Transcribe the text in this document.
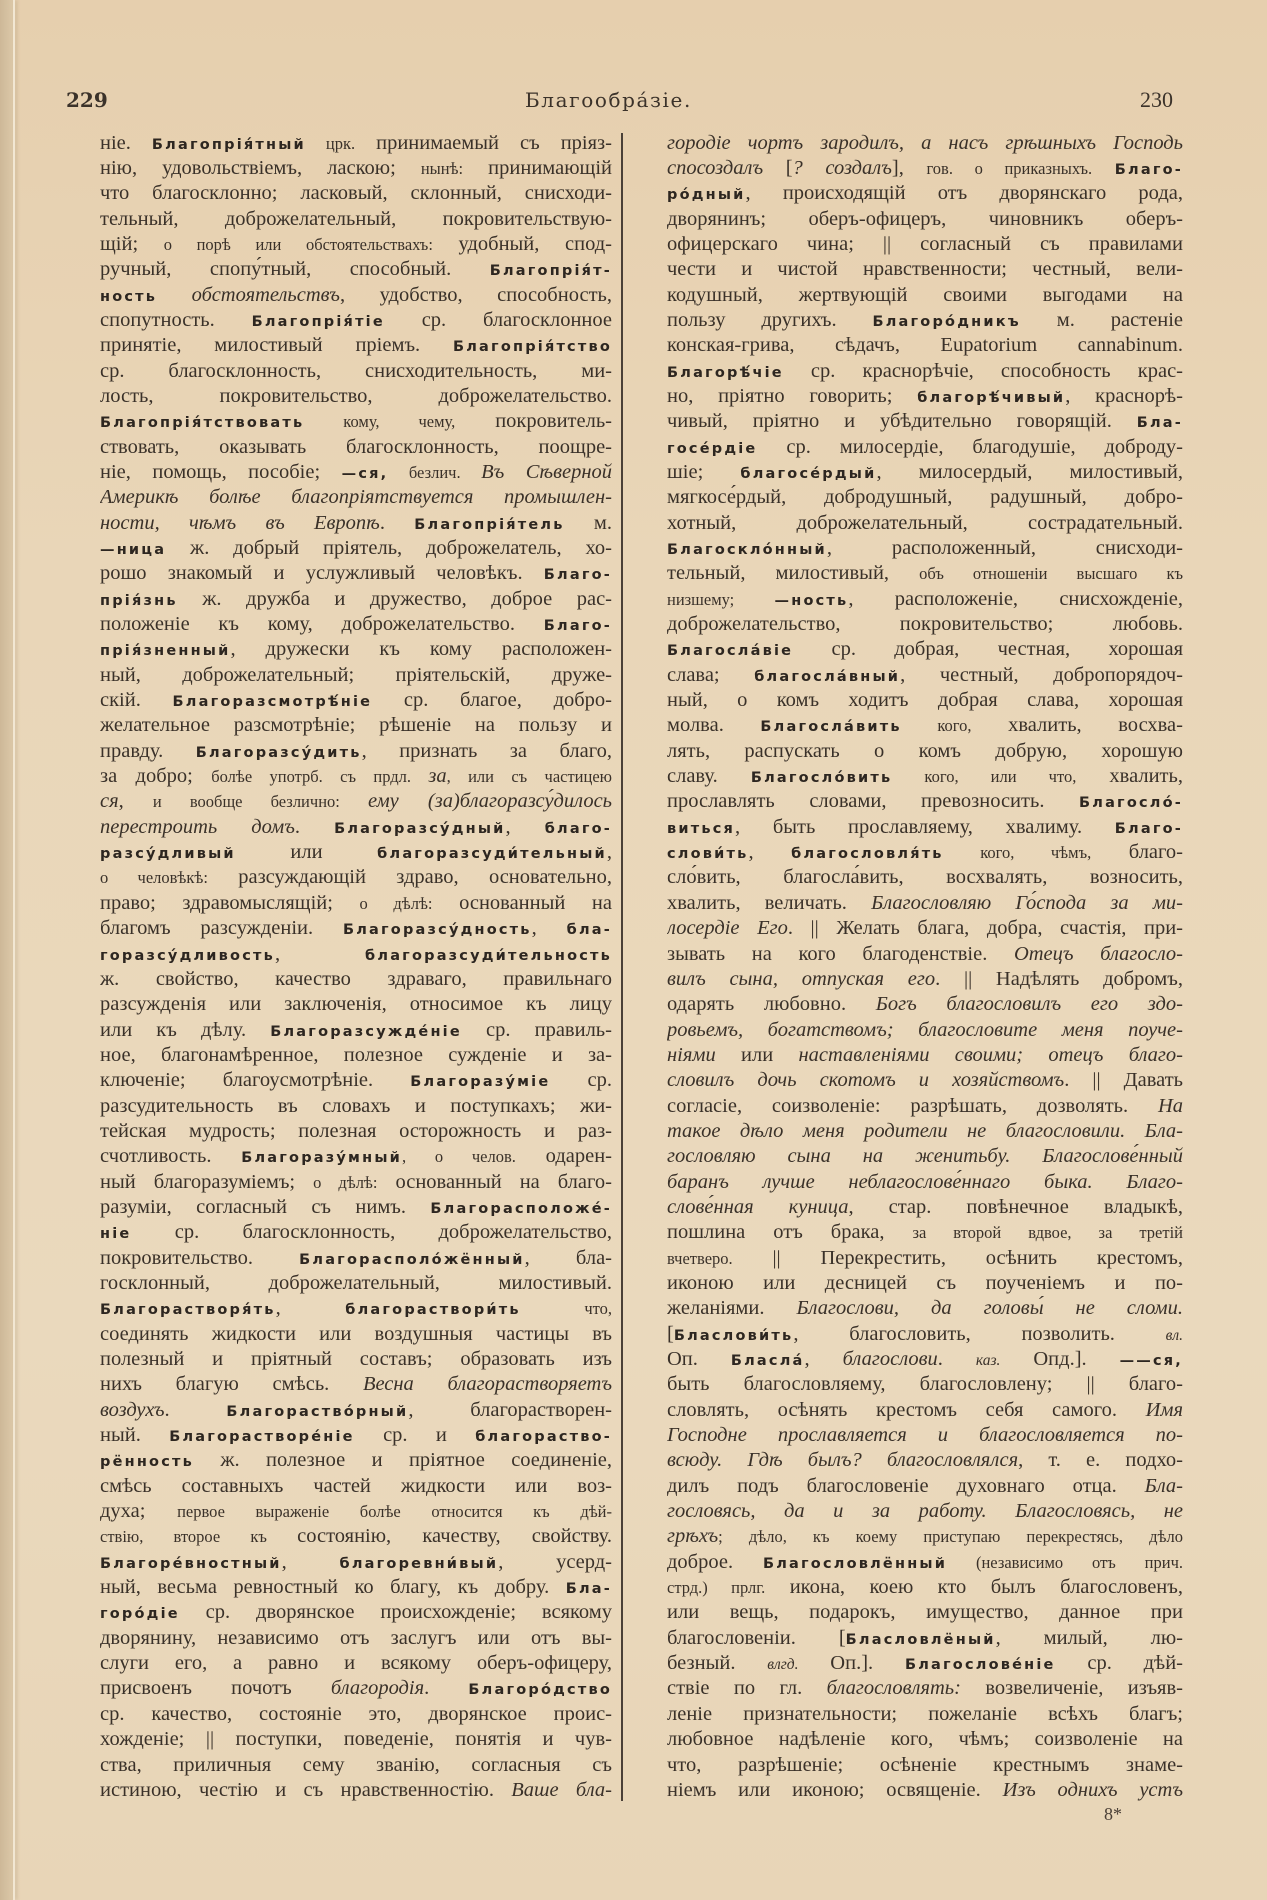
229	Благообра́зіе.	230
ніе. Благопрія́тный црк. принимаемый съ пріяз-
нію, удовольствіемъ, ласкою; нынѣ: принимающій
что благосклонно; ласковый, склонный, снисходи-
тельный, доброжелательный, покровительствую-
щій; о порѣ или обстоятельствахъ: удобный, спод-
ручный, спопу́тный, способный. Благопрія́т-
ность обстоятельствъ, удобство, способность,
спопутность. Благопрія́тіе ср. благосклонное
принятіе, милостивый пріемъ. Благопрія́тство
ср. благосклонность, снисходительность, ми-
лость, покровительство, доброжелательство.
Благопрія́тствовать кому, чему, покровитель-
ствовать, оказывать благосклонность, поощре-
ніе, помощь, пособіе; —ся, безлич. Въ Сѣверной
Америкѣ болѣе благопріятствуется промышлен-
ности, чѣмъ въ Европѣ. Благопрія́тель м.
—ница ж. добрый пріятель, доброжелатель, хо-
рошо знакомый и услужливый человѣкъ. Благо-
прія́знь ж. дружба и дружество, доброе рас-
положеніе къ кому, доброжелательство. Благо-
прія́зненный, дружески къ кому расположен-
ный, доброжелательный; пріятельскій, друже-
скій. Благоразсмотрѣ́ніе ср. благое, добро-
желательное разсмотрѣніе; рѣшеніе на пользу и
правду. Благоразсу́дить, признать за благо,
за добро; болѣе употрб. съ прдл. за, или съ частицею
ся, и вообще безлично: ему (за)благоразсу́дилось
перестроить домъ. Благоразсу́дный, благо-
разсу́дливый или благоразсуди́тельный,
о человѣкѣ: разсуждающій здраво, основательно,
право; здравомыслящій; о дѣлѣ: основанный на
благомъ разсужденіи. Благоразсу́дность, бла-
горазсу́дливость, благоразсуди́тельность
ж. свойство, качество здраваго, правильнаго
разсужденія или заключенія, относимое къ лицу
или къ дѣлу. Благоразсужде́ніе ср. правиль-
ное, благонамѣренное, полезное сужденіе и за-
ключеніе; благоусмотрѣніе. Благоразу́міе ср.
разсудительность въ словахъ и поступкахъ; жи-
тейская мудрость; полезная осторожность и раз-
счотливость. Благоразу́мный, о челов. одарен-
ный благоразуміемъ; о дѣлѣ: основанный на благо-
разуміи, согласный съ нимъ. Благорасположе́-
ніе ср. благосклонность, доброжелательство,
покровительство. Благорасполо́жённый, бла-
госклонный, доброжелательный, милостивый.
Благорастворя́ть, благораствори́ть что,
соединять жидкости или воздушныя частицы въ
полезный и пріятный составъ; образовать изъ
нихъ благую смѣсь. Весна благорастворяетъ
воздухъ. Благораство́рный, благорастворен-
ный. Благорастворе́ніе ср. и благораство-
рённость ж. полезное и пріятное соединеніе,
смѣсь составныхъ частей жидкости или воз-
духа; первое выраженіе болѣе относится къ дѣй-
ствію, второе къ состоянію, качеству, свойству.
Благоре́вностный, благоревни́вый, усерд-
ный, весьма ревностный ко благу, къ добру. Бла-
горо́діе ср. дворянское происхожденіе; всякому
дворянину, независимо отъ заслугъ или отъ вы-
слуги его, а равно и всякому оберъ-офицеру,
присвоенъ почотъ благородія. Благоро́дство
ср. качество, состояніе это, дворянское проис-
хожденіе; || поступки, поведеніе, понятія и чув-
ства, приличныя сему званію, согласныя съ
истиною, честію и съ нравственностію. Ваше бла-
городіе чортъ зародилъ, а насъ грѣшныхъ Господь
спосоздалъ [? создалъ], гов. о приказныхъ. Благо-
ро́дный, происходящій отъ дворянскаго рода,
дворянинъ; оберъ-офицеръ, чиновникъ оберъ-
офицерскаго чина; || согласный съ правилами
чести и чистой нравственности; честный, вели-
кодушный, жертвующій своими выгодами на
пользу другихъ. Благоро́дникъ м. растеніе
конская-грива, сѣдачъ, Eupatorium cannabinum.
Благорѣ́чіе ср. краснорѣчіе, способность крас-
но, пріятно говорить; благорѣ́чивый, краснорѣ-
чивый, пріятно и убѣдительно говорящій. Бла-
госе́рдіе ср. милосердіе, благодушіе, доброду-
шіе; благосе́рдый, милосердый, милостивый,
мягкосе́рдый, добродушный, радушный, добро-
хотный, доброжелательный, сострадательный.
Благоскло́нный, расположенный, снисходи-
тельный, милостивый, объ отношеніи высшаго къ
низшему; —ность, расположеніе, снисхожденіе,
доброжелательство, покровительство; любовь.
Благосла́віе ср. добрая, честная, хорошая
слава; благосла́вный, честный, добропорядоч-
ный, о комъ ходитъ добрая слава, хорошая
молва. Благосла́вить кого, хвалить, восхва-
лять, распускать о комъ добрую, хорошую
славу. Благосло́вить кого, или что, хвалить,
прославлять словами, превозносить. Благосло́-
виться, быть прославляему, хвалиму. Благо-
слови́ть, благословля́ть кого, чѣмъ, благо-
сло́вить, благосла́вить, восхвалять, возносить,
хвалить, величать. Благословляю Го́спода за ми-
лосердіе Его. || Желать блага, добра, счастія, при-
зывать на кого благоденствіе. Отецъ благосло-
вилъ сына, отпуская его. || Надѣлять добромъ,
одарять любовно. Богъ благословилъ его здо-
ровьемъ, богатствомъ; благословите меня поуче-
ніями или наставленіями своими; отецъ благо-
словилъ дочь скотомъ и хозяйствомъ. || Давать
согласіе, соизволеніе: разрѣшать, дозволять. На
такое дѣло меня родители не благословили. Бла-
гословляю сына на женитьбу. Благослове́нный
баранъ лучше неблагослове́ннаго быка. Благо-
слове́нная куница, стар. повѣнечное владыкѣ,
пошлина отъ брака, за второй вдвое, за третій
вчетверо. || Перекрестить, осѣнить крестомъ,
иконою или десницей съ поученіемъ и по-
желаніями. Благослови, да головы́ не сломи.
[Бласлови́ть, благословить, позволить. вл.
Оп. Бласла́, благослови. каз. Опд.]. ——ся,
быть благословляему, благословлену; || благо-
словлять, осѣнять крестомъ себя самого. Имя
Господне прославляется и благословляется по-
всюду. Гдѣ былъ? благословлялся, т. е. подхо-
дилъ подъ благословеніе духовнаго отца. Бла-
гословясь, да и за работу. Благословясь, не
грѣхъ; дѣло, къ коему приступаю перекрестясь, дѣло
доброе. Благословлённый (независимо отъ прич.
стрд.) прлг. икона, коею кто былъ благословенъ,
или вещь, подарокъ, имущество, данное при
благословеніи. [Бласловлёный, милый, лю-
безный. влгд. Оп.]. Благослове́ніе ср. дѣй-
ствіе по гл. благословлять: возвеличеніе, изъяв-
леніе признательности; пожеланіе всѣхъ благъ;
любовное надѣленіе кого, чѣмъ; соизволеніе на
что, разрѣшеніе; осѣненіе крестнымъ знаме-
ніемъ или иконою; освященіе. Изъ однихъ устъ
8*
